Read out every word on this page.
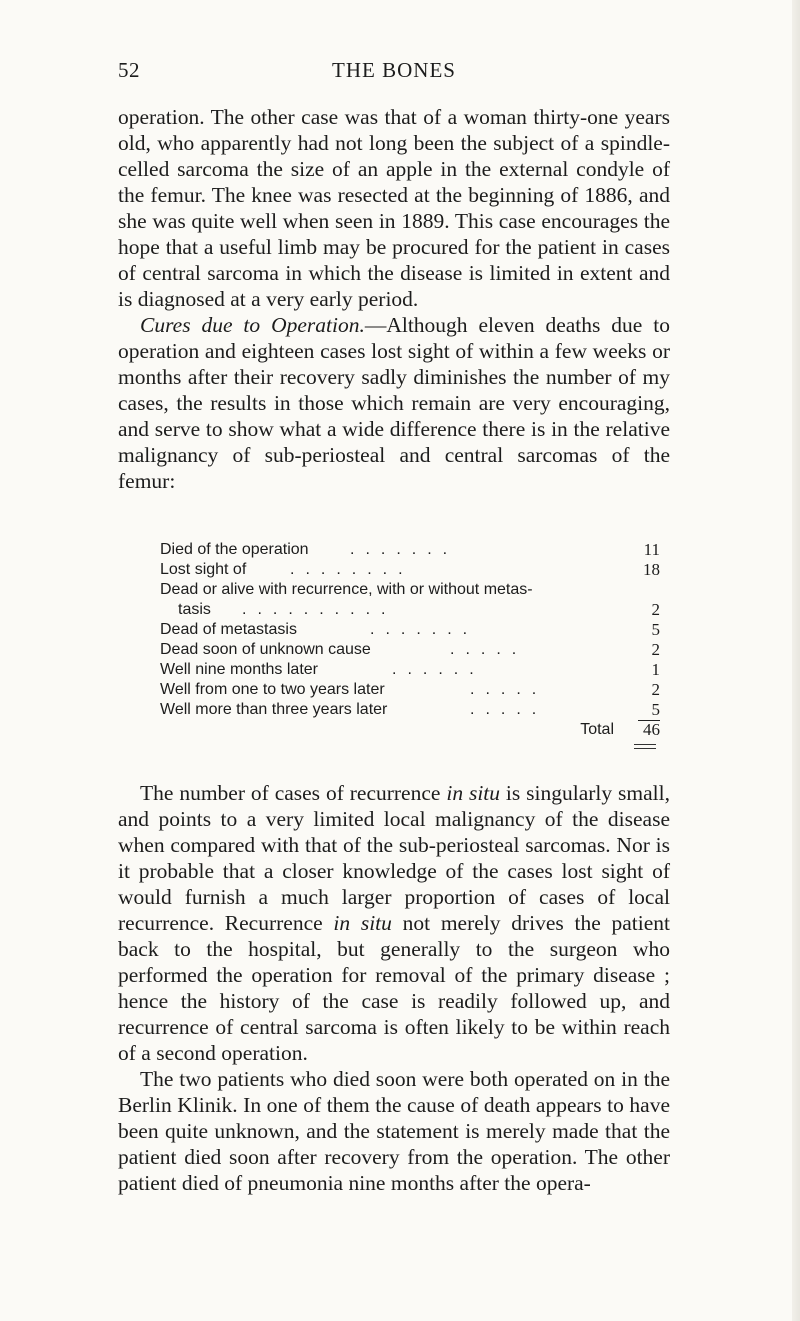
52	THE BONES

operation. The other case was that of a woman thirty-one years old, who apparently had not long been the subject of a spindle-celled sarcoma the size of an apple in the external condyle of the femur. The knee was resected at the beginning of 1886, and she was quite well when seen in 1889. This case encourages the hope that a useful limb may be procured for the patient in cases of central sarcoma in which the disease is limited in extent and is diagnosed at a very early period.

Cures due to Operation.—Although eleven deaths due to operation and eighteen cases lost sight of within a few weeks or months after their recovery sadly diminishes the number of my cases, the results in those which remain are very encouraging, and serve to show what a wide difference there is in the relative malignancy of sub-periosteal and central sarcomas of the femur:

Died of the operation	.......	11
Lost sight of	........	18
Dead or alive with recurrence, with or without metas-
tasis ..........	2
Dead of metastasis	.......	5
Dead soon of unknown cause	.....	2
Well nine months later	......	1
Well from one to two years later	.....	2
Well more than three years later	.....	5
Total	46

The number of cases of recurrence in situ is singularly small, and points to a very limited local malignancy of the disease when compared with that of the sub-periosteal sarcomas. Nor is it probable that a closer knowledge of the cases lost sight of would furnish a much larger proportion of cases of local recurrence. Recurrence in situ not merely drives the patient back to the hospital, but generally to the surgeon who performed the operation for removal of the primary disease ; hence the history of the case is readily followed up, and recurrence of central sarcoma is often likely to be within reach of a second operation.

The two patients who died soon were both operated on in the Berlin Klinik. In one of them the cause of death appears to have been quite unknown, and the statement is merely made that the patient died soon after recovery from the operation. The other patient died of pneumonia nine months after the opera-
